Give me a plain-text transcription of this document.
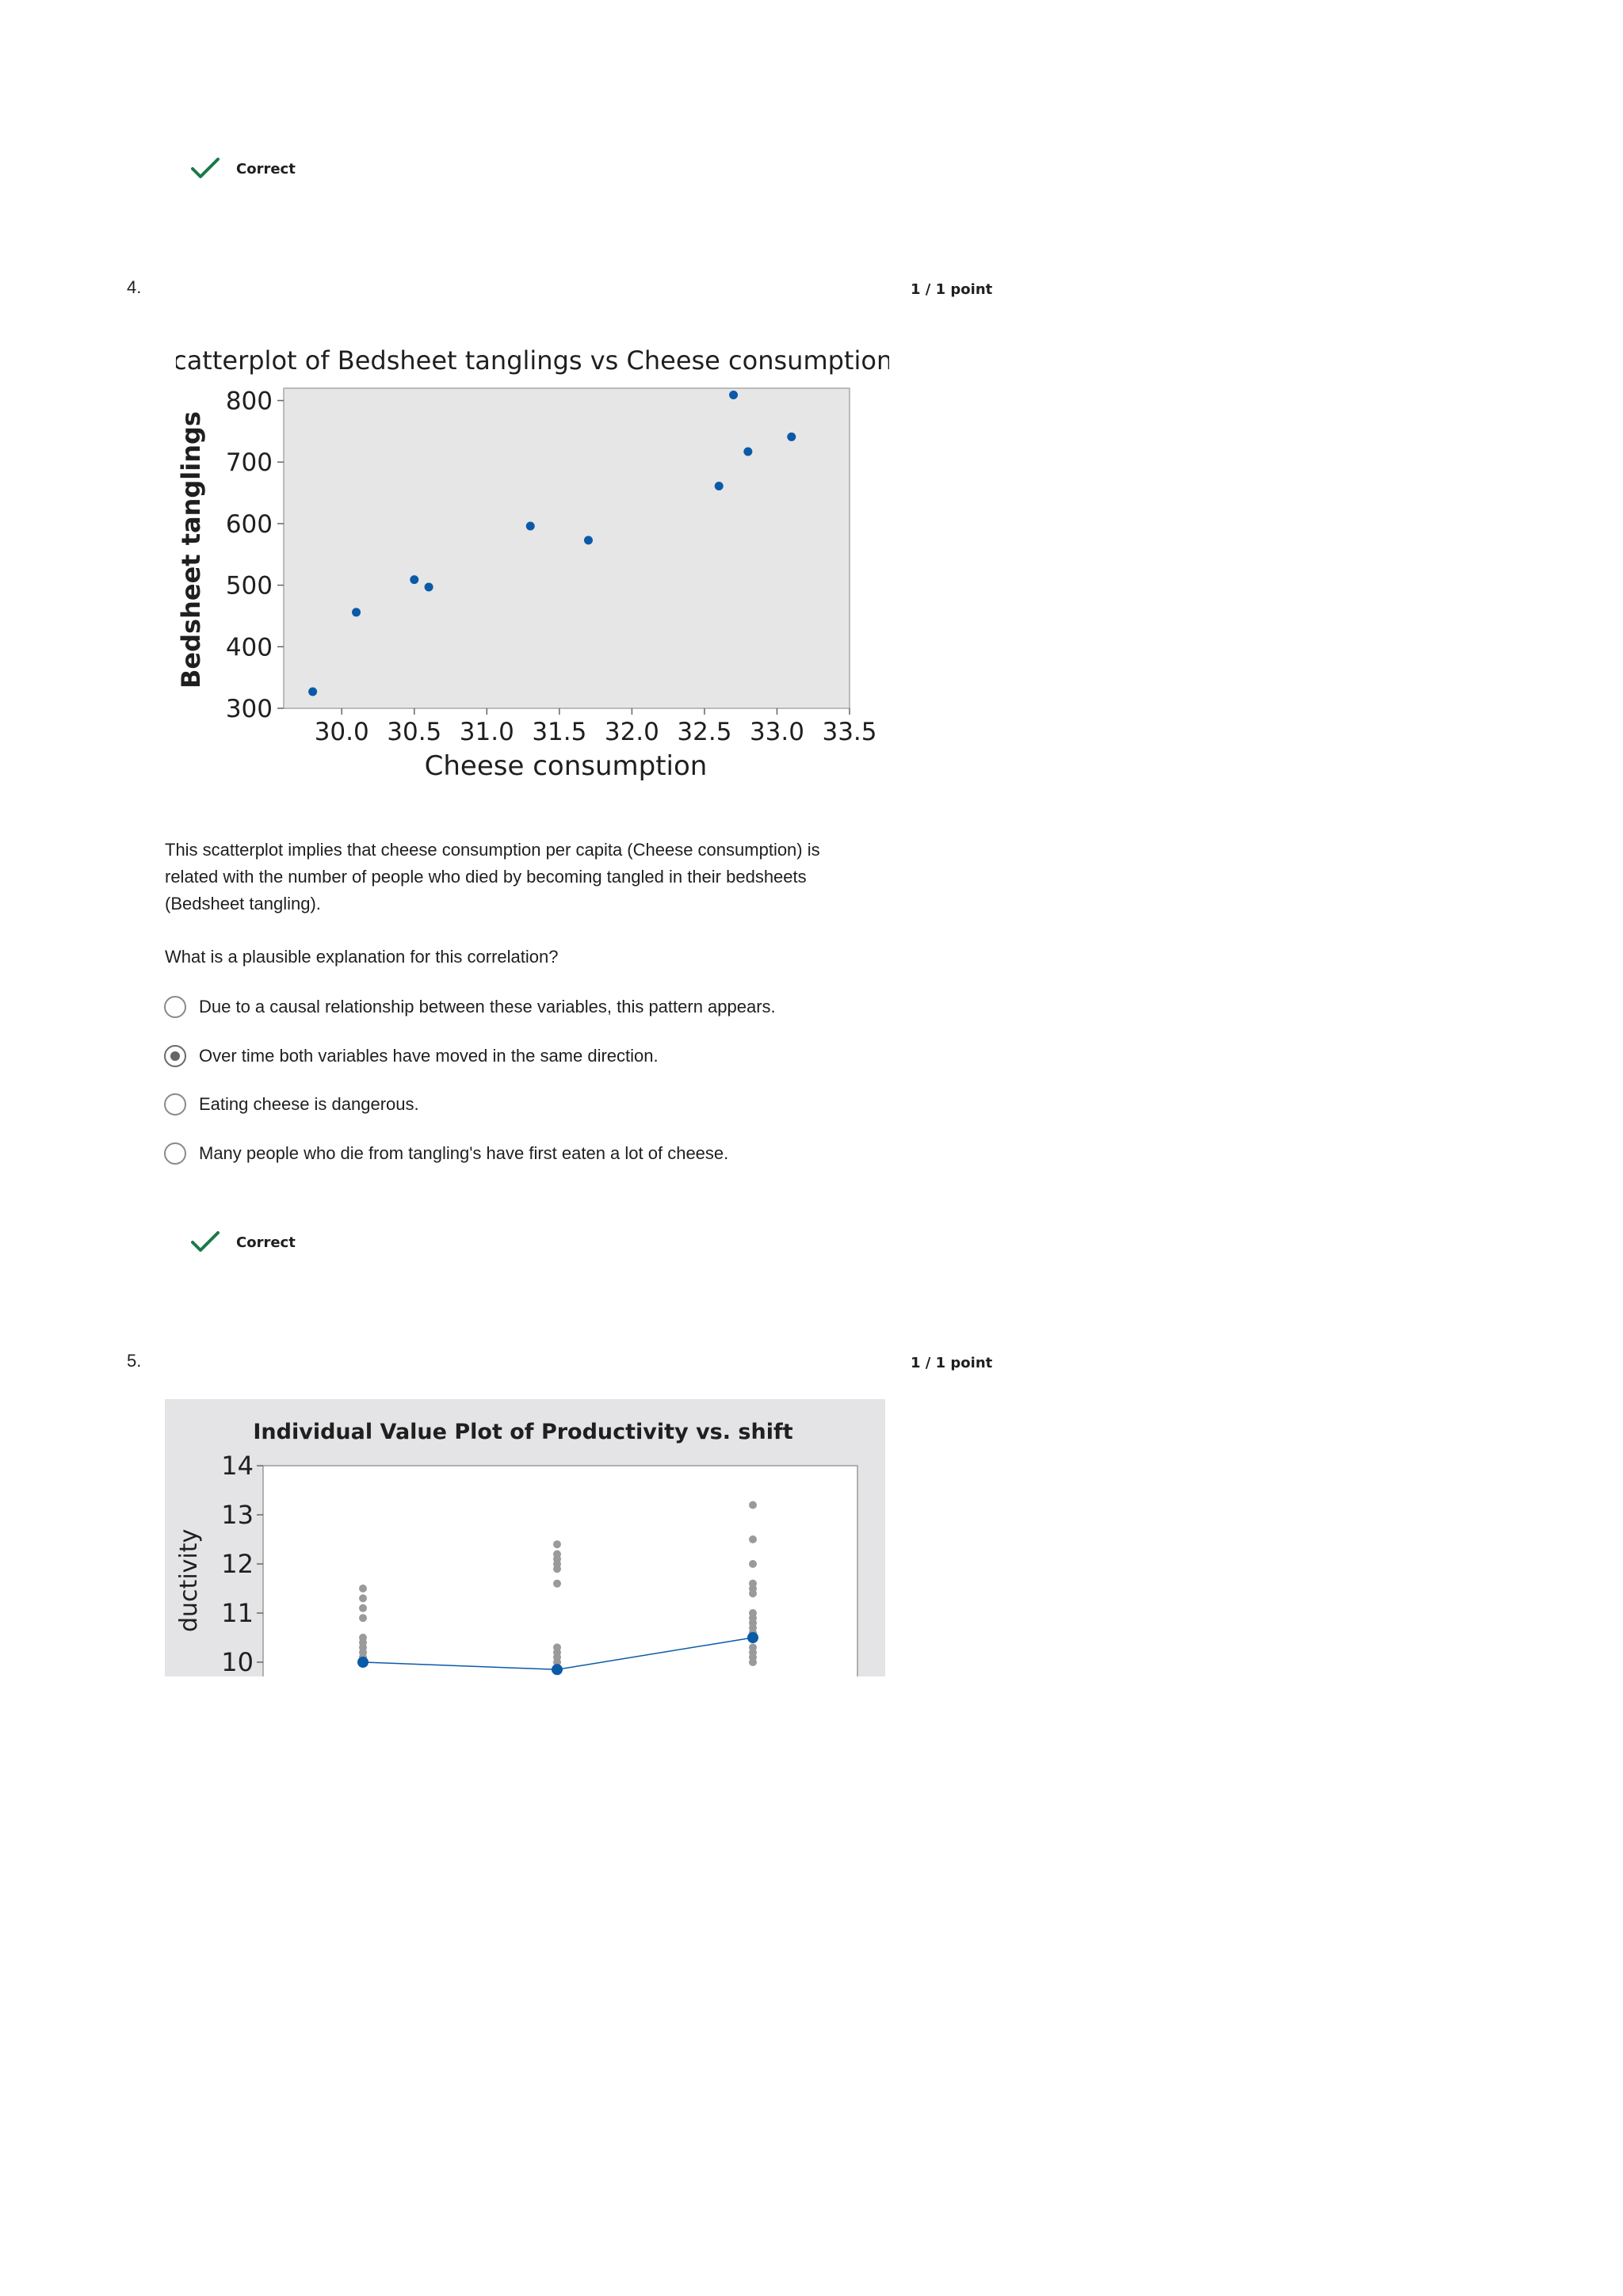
Correct
4.	1 / 1 point
Scatterplot of Bedsheet tanglings vs Cheese consumption
300
400
500
600
700
800
30.0 30.5 31.0 31.5 32.0 32.5 33.0 33.5
Bedsheet tanglings
Cheese consumption
This scatterplot implies that cheese consumption per capita (Cheese consumption) is
related with the number of people who died by becoming tangled in their bedsheets
(Bedsheet tangling).
What is a plausible explanation for this correlation?
Due to a causal relationship between these variables, this pattern appears.
Over time both variables have moved in the same direction.
Eating cheese is dangerous.
Many people who die from tangling's have first eaten a lot of cheese.
Correct
5.	1 / 1 point
Individual Value Plot of Productivity vs. shift
14
13
12
11
10
ductivity
